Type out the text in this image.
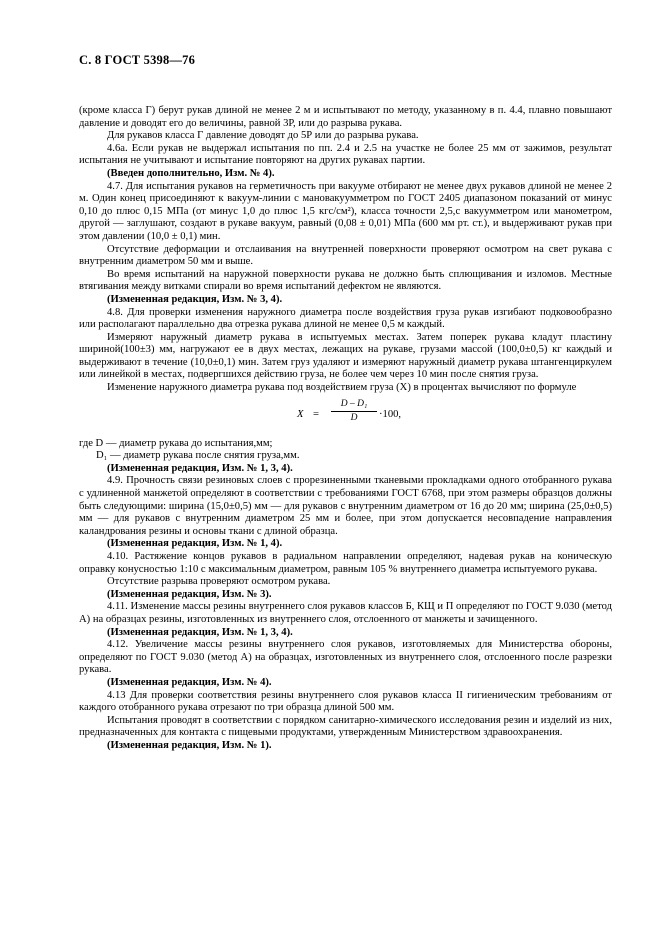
С. 8 ГОСТ 5398—76

(кроме класса Г) берут рукав длиной не менее 2 м и испытывают по методу, указанному в п. 4.4, плавно повышают давление и доводят его до величины, равной 3Р, или до разрыва рукава.

Для рукавов класса Г давление доводят до 5Р или до разрыва рукава.

4.6а. Если рукав не выдержал испытания по пп. 2.4 и 2.5 на участке не более 25 мм от зажимов, результат испытания не учитывают и испытание повторяют на других рукавах партии.

(Введен дополнительно, Изм. № 4).

4.7. Для испытания рукавов на герметичность при вакууме отбирают не менее двух рукавов длиной не менее 2 м. Один конец присоединяют к вакуум-линии с мановакуумметром по ГОСТ 2405 диапазоном показаний от минус 0,10 до плюс 0,15 МПа (от минус 1,0 до плюс 1,5 кгс/см²), класса точности 2,5,с вакуумметром или манометром, другой — заглушают, создают в рукаве вакуум, равный (0,08 ± 0,01) МПа (600 мм рт. ст.), и выдерживают рукав при этом давлении (10,0 ± 0,1) мин.

Отсутствие деформации и отслаивания на внутренней поверхности проверяют осмотром на свет рукава с внутренним диаметром 50 мм и выше.

Во время испытаний на наружной поверхности рукава не должно быть сплющивания и изломов. Местные втягивания между витками спирали во время испытаний дефектом не являются.

(Измененная редакция, Изм. № 3, 4).

4.8. Для проверки изменения наружного диаметра после воздействия груза рукав изгибают подковообразно или располагают параллельно два отрезка рукава длиной не менее 0,5 м каждый.

Измеряют наружный диаметр рукава в испытуемых местах. Затем поперек рукава кладут пластину шириной(100±3) мм, нагружают ее в двух местах, лежащих на рукаве, грузами массой (100,0±0,5) кг каждый и выдерживают в течение (10,0±0,1) мин. Затем груз удаляют и измеряют наружный диаметр рукава штангенциркулем или линейкой в местах, подвергшихся действию груза, не более чем через 10 мин после снятия груза.

Изменение наружного диаметра рукава под воздействием груза (Х) в процентах вычисляют по формуле

$X = \frac{\text{D – D₁}}{D} \cdot 100$,

где D — диаметр рукава до испытания,мм;

D₁ — диаметр рукава после снятия груза,мм.

(Измененная редакция, Изм. № 1, 3, 4).

4.9. Прочность связи резиновых слоев с прорезиненными тканевыми прокладками одного отобранного рукава с удлиненной манжетой определяют в соответствии с требованиями ГОСТ 6768, при этом размеры образцов должны быть следующими: ширина (15,0±0,5) мм — для рукавов с внутренним диаметром от 16 до 20 мм; ширина (25,0±0,5) мм — для рукавов с внутренним диаметром 25 мм и более, при этом допускается несовпадение направления каландрования резины и основы ткани с длиной образца.

(Измененная редакция, Изм. № 1, 4).

4.10. Растяжение концов рукавов в радиальном направлении определяют, надевая рукав на коническую оправку конусностью 1:10 с максимальным диаметром, равным 105 % внутреннего диаметра испытуемого рукава.

Отсутствие разрыва проверяют осмотром рукава.

(Измененная редакция, Изм. № 3).

4.11. Изменение массы резины внутреннего слоя рукавов классов Б, КЩ и П определяют по ГОСТ 9.030 (метод А) на образцах резины, изготовленных из внутреннего слоя, отслоенного от манжеты и зачищенного.

(Измененная редакция, Изм. № 1, 3, 4).

4.12. Увеличение массы резины внутреннего слоя рукавов, изготовляемых для Министерства обороны, определяют по ГОСТ 9.030 (метод А) на образцах, изготовленных из внутреннего слоя, отслоенного после разрезки рукава.

(Измененная редакция, Изм. № 4).

4.13 Для проверки соответствия резины внутреннего слоя рукавов класса II гигиеническим требованиям от каждого отобранного рукава отрезают по три образца длиной 500 мм.

Испытания проводят в соответствии с порядком санитарно-химического исследования резин и изделий из них, предназначенных для контакта с пищевыми продуктами, утвержденным Министерством здравоохранения.

(Измененная редакция, Изм. № 1).
